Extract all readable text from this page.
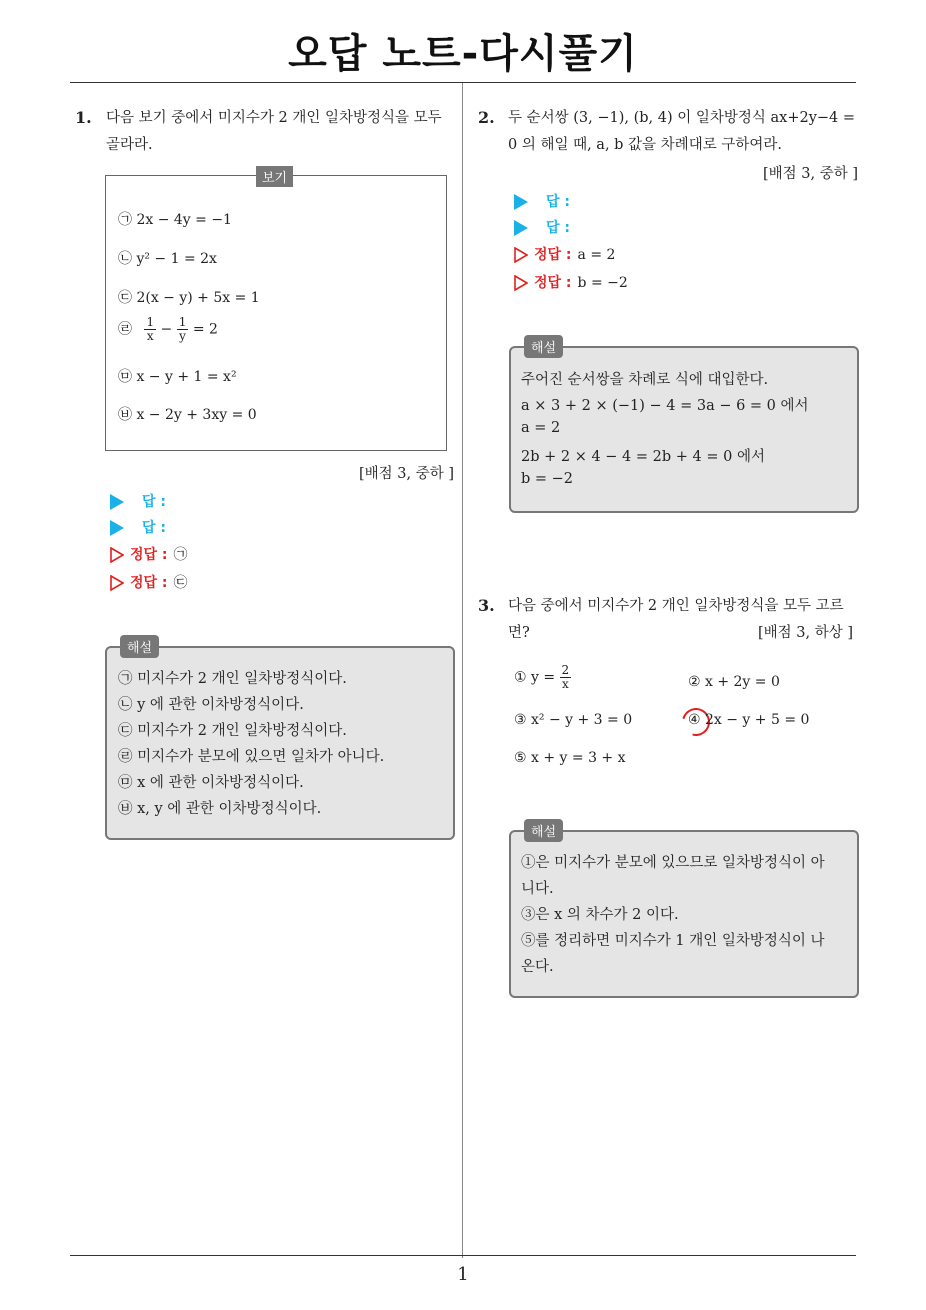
오답 노트-다시풀기
1
1. 다음 보기 중에서 미지수가 2 개인 일차방정식을 모두
골라라.
보기
㉠ 2x − 4y = −1
㉡ y² − 1 = 2x
㉢ 2(x − y) + 5x = 1
㉣ $\frac{1}{x} - \frac{1}{y} = 2$
㉤ x − y + 1 = x²
㉥ x − 2y + 3xy = 0
[배점 3, 중하 ]
답 :
답 :
정답 : ㉠
정답 : ㉢
해설
㉠ 미지수가 2 개인 일차방정식이다.
㉡ y 에 관한 이차방정식이다.
㉢ 미지수가 2 개인 일차방정식이다.
㉣ 미지수가 분모에 있으면 일차가 아니다.
㉤ x 에 관한 이차방정식이다.
㉥ x, y 에 관한 이차방정식이다.
2. 두 순서쌍 (3, −1), (b, 4) 이 일차방정식 ax+2y−4 =
0 의 해일 때, a, b 값을 차례대로 구하여라.
[배점 3, 중하 ]
답 :
답 :
정답 : a = 2
정답 : b = −2
해설
주어진 순서쌍을 차례로 식에 대입한다.
a × 3 + 2 × (−1) − 4 = 3a − 6 = 0 에서
a = 2
2b + 2 × 4 − 4 = 2b + 4 = 0 에서
b = −2
3. 다음 중에서 미지수가 2 개인 일차방정식을 모두 고르
면?	[배점 3, 하상 ]
① $y = \frac{2}{x}$	② x + 2y = 0
③ x² − y + 3 = 0	④ 2x − y + 5 = 0
⑤ x + y = 3 + x
해설
①은 미지수가 분모에 있으므로 일차방정식이 아
니다.
③은 x 의 차수가 2 이다.
⑤를 정리하면 미지수가 1 개인 일차방정식이 나
온다.
